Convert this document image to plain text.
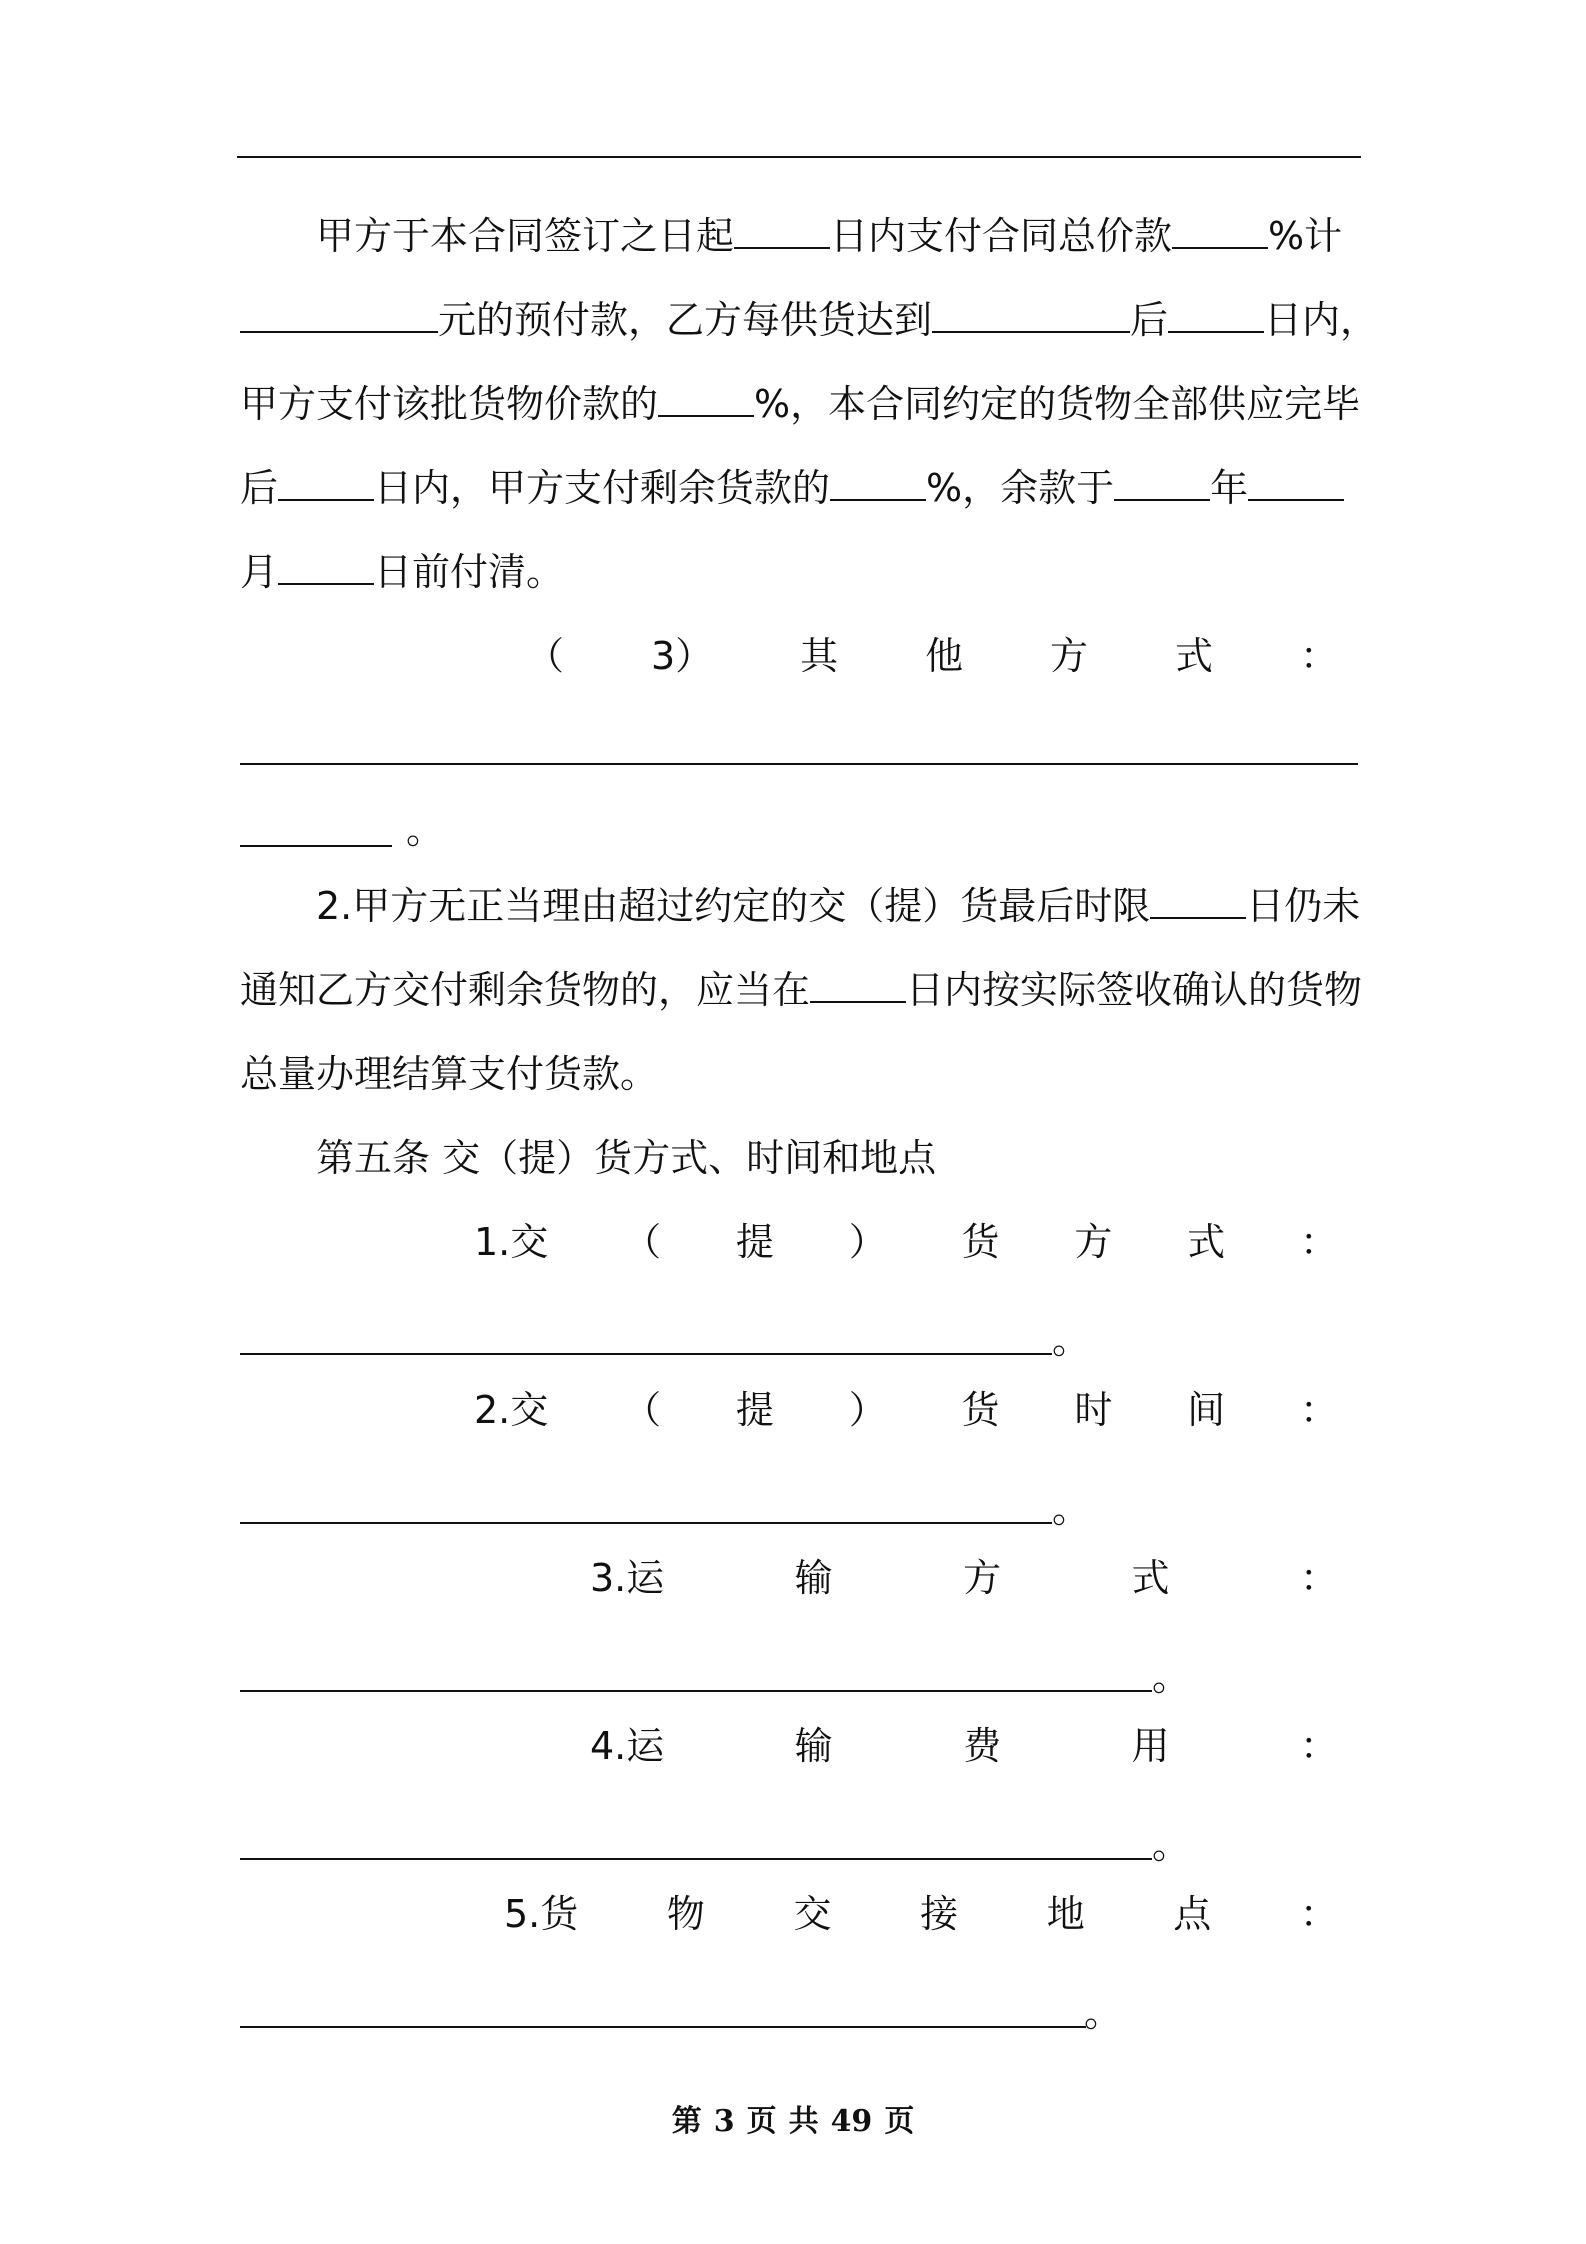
甲方于本合同签订之日起	日内支付合同总价款	%计
元的预付款，乙方每供货达到	后	日内，
甲方支付该批货物价款的	%，本合同约定的货物全部供应完毕
后	日内，甲方支付剩余货款的	%，余款于	年
月	日前付清。
（ 3） 其 他 方 式 ：
。
2.甲方无正当理由超过约定的交（提）货最后时限	日仍未
通知乙方交付剩余货物的，应当在	日内按实际签收确认的货物
总量办理结算支付货款。
第五条 交（提）货方式、时间和地点
1.交 （ 提 ） 货 方 式 ：
。
2.交 （ 提 ） 货 时 间 ：
。
3.运	输	方	式	：
。
4.运	输	费	用	：
。
5.货 物 交 接 地 点 ：
。
第 3 页 共 49 页
